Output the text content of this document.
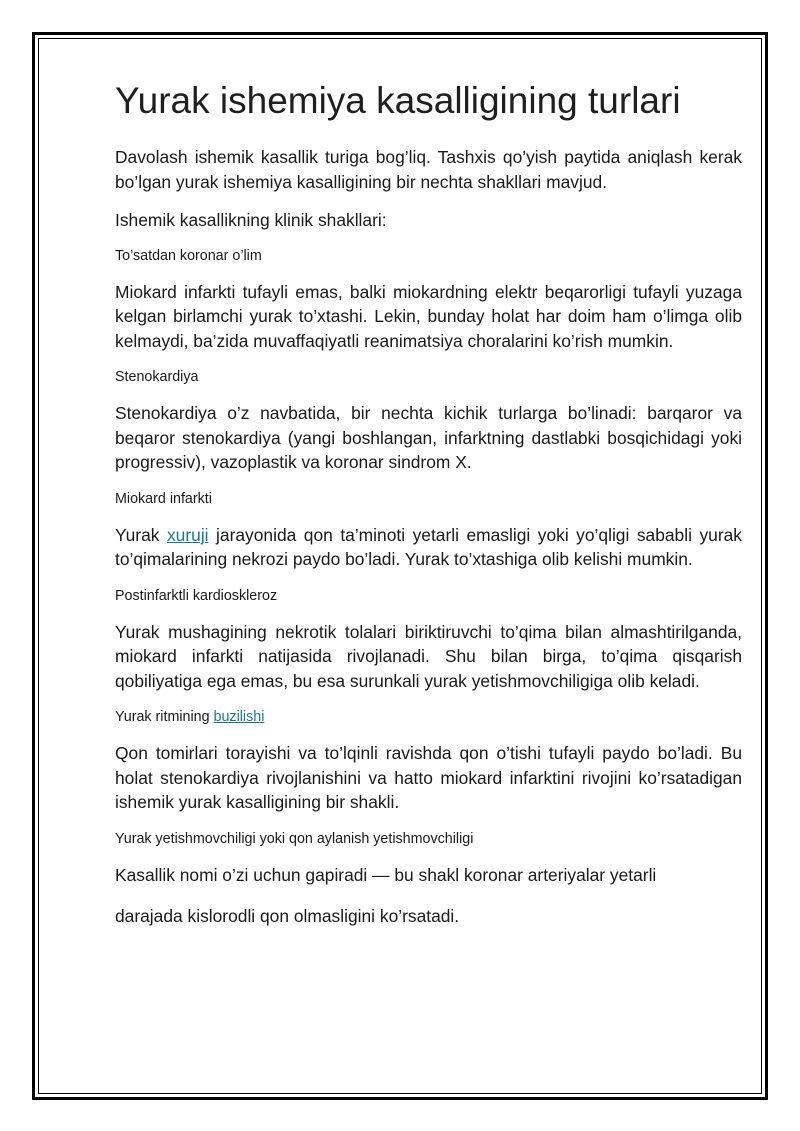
Yurak ishemiya kasalligining turlari

Davolash ishemik kasallik turiga bog’liq. Tashxis qo’yish paytida aniqlash kerak bo’lgan yurak ishemiya kasalligining bir nechta shakllari mavjud.

Ishemik kasallikning klinik shakllari:

To’satdan koronar o’lim

Miokard infarkti tufayli emas, balki miokardning elektr beqarorligi tufayli yuzaga kelgan birlamchi yurak to’xtashi. Lekin, bunday holat har doim ham o’limga olib kelmaydi, ba’zida muvaffaqiyatli reanimatsiya choralarini ko’rish mumkin.

Stenokardiya

Stenokardiya o’z navbatida, bir nechta kichik turlarga bo’linadi: barqaror va beqaror stenokardiya (yangi boshlangan, infarktning dastlabki bosqichidagi yoki progressiv), vazoplastik va koronar sindrom X.

Miokard infarkti

Yurak xuruji jarayonida qon ta’minoti yetarli emasligi yoki yo’qligi sababli yurak to’qimalarining nekrozi paydo bo’ladi. Yurak to’xtashiga olib kelishi mumkin.

Postinfarktli kardioskleroz

Yurak mushagining nekrotik tolalari biriktiruvchi to’qima bilan almashtirilganda, miokard infarkti natijasida rivojlanadi. Shu bilan birga, to’qima qisqarish qobiliyatiga ega emas, bu esa surunkali yurak yetishmovchiligiga olib keladi.

Yurak ritmining buzilishi

Qon tomirlari torayishi va to’lqinli ravishda qon o’tishi tufayli paydo bo’ladi. Bu holat stenokardiya rivojlanishini va hatto miokard infarktini rivojini ko’rsatadigan ishemik yurak kasalligining bir shakli.

Yurak yetishmovchiligi yoki qon aylanish yetishmovchiligi

Kasallik nomi o’zi uchun gapiradi — bu shakl koronar arteriyalar yetarli

darajada kislorodli qon olmasligini ko’rsatadi.
